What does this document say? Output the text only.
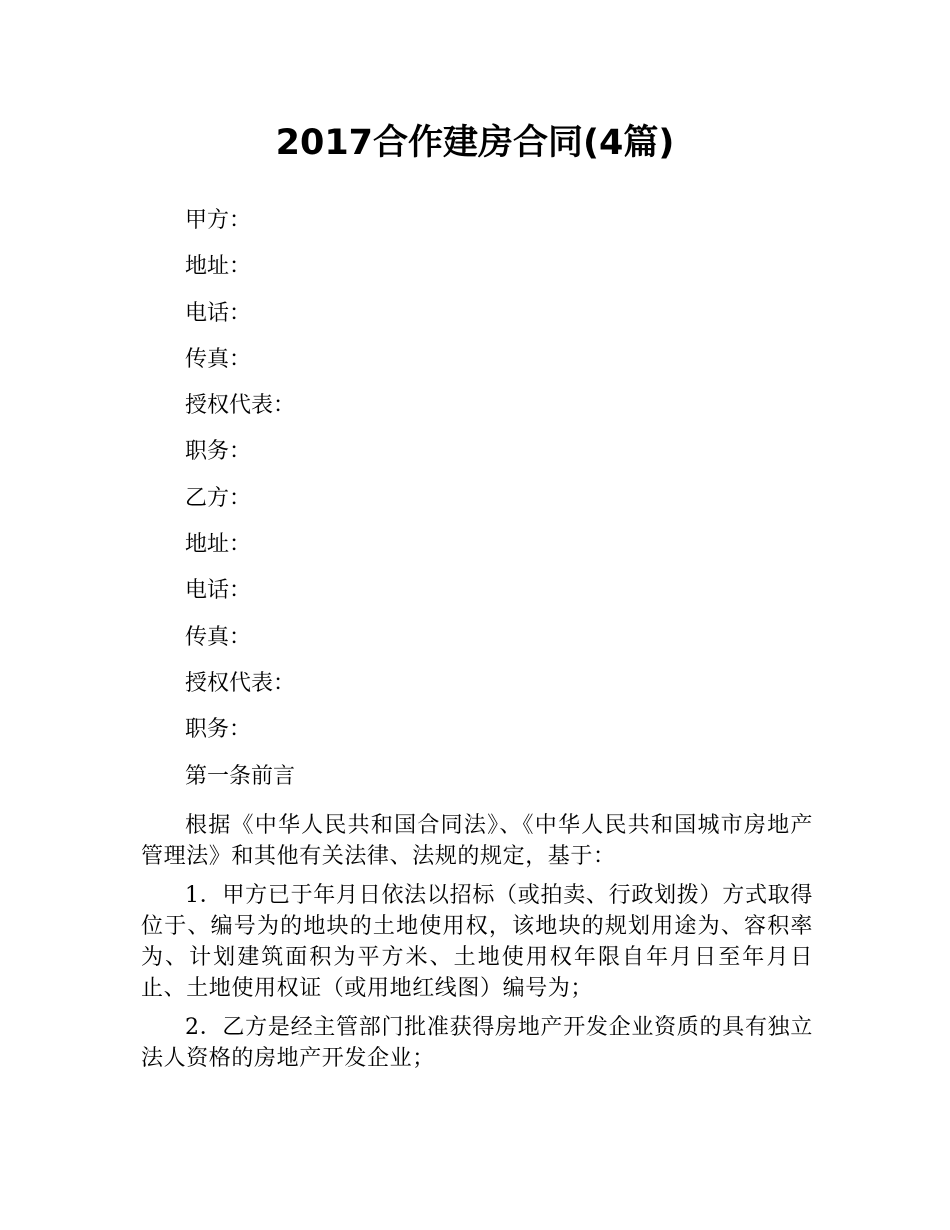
2017合作建房合同(4篇)

甲方：

地址：

电话：

传真：

授权代表：

职务：

乙方：

地址：

电话：

传真：

授权代表：

职务：

第一条前言

根据《中华人民共和国合同法》、《中华人民共和国城市房地产管理法》和其他有关法律、法规的规定，基于：

1．甲方已于年月日依法以招标（或拍卖、行政划拨）方式取得位于、编号为的地块的土地使用权，该地块的规划用途为、容积率为、计划建筑面积为平方米、土地使用权年限自年月日至年月日止、土地使用权证（或用地红线图）编号为；

2．乙方是经主管部门批准获得房地产开发企业资质的具有独立法人资格的房地产开发企业；
